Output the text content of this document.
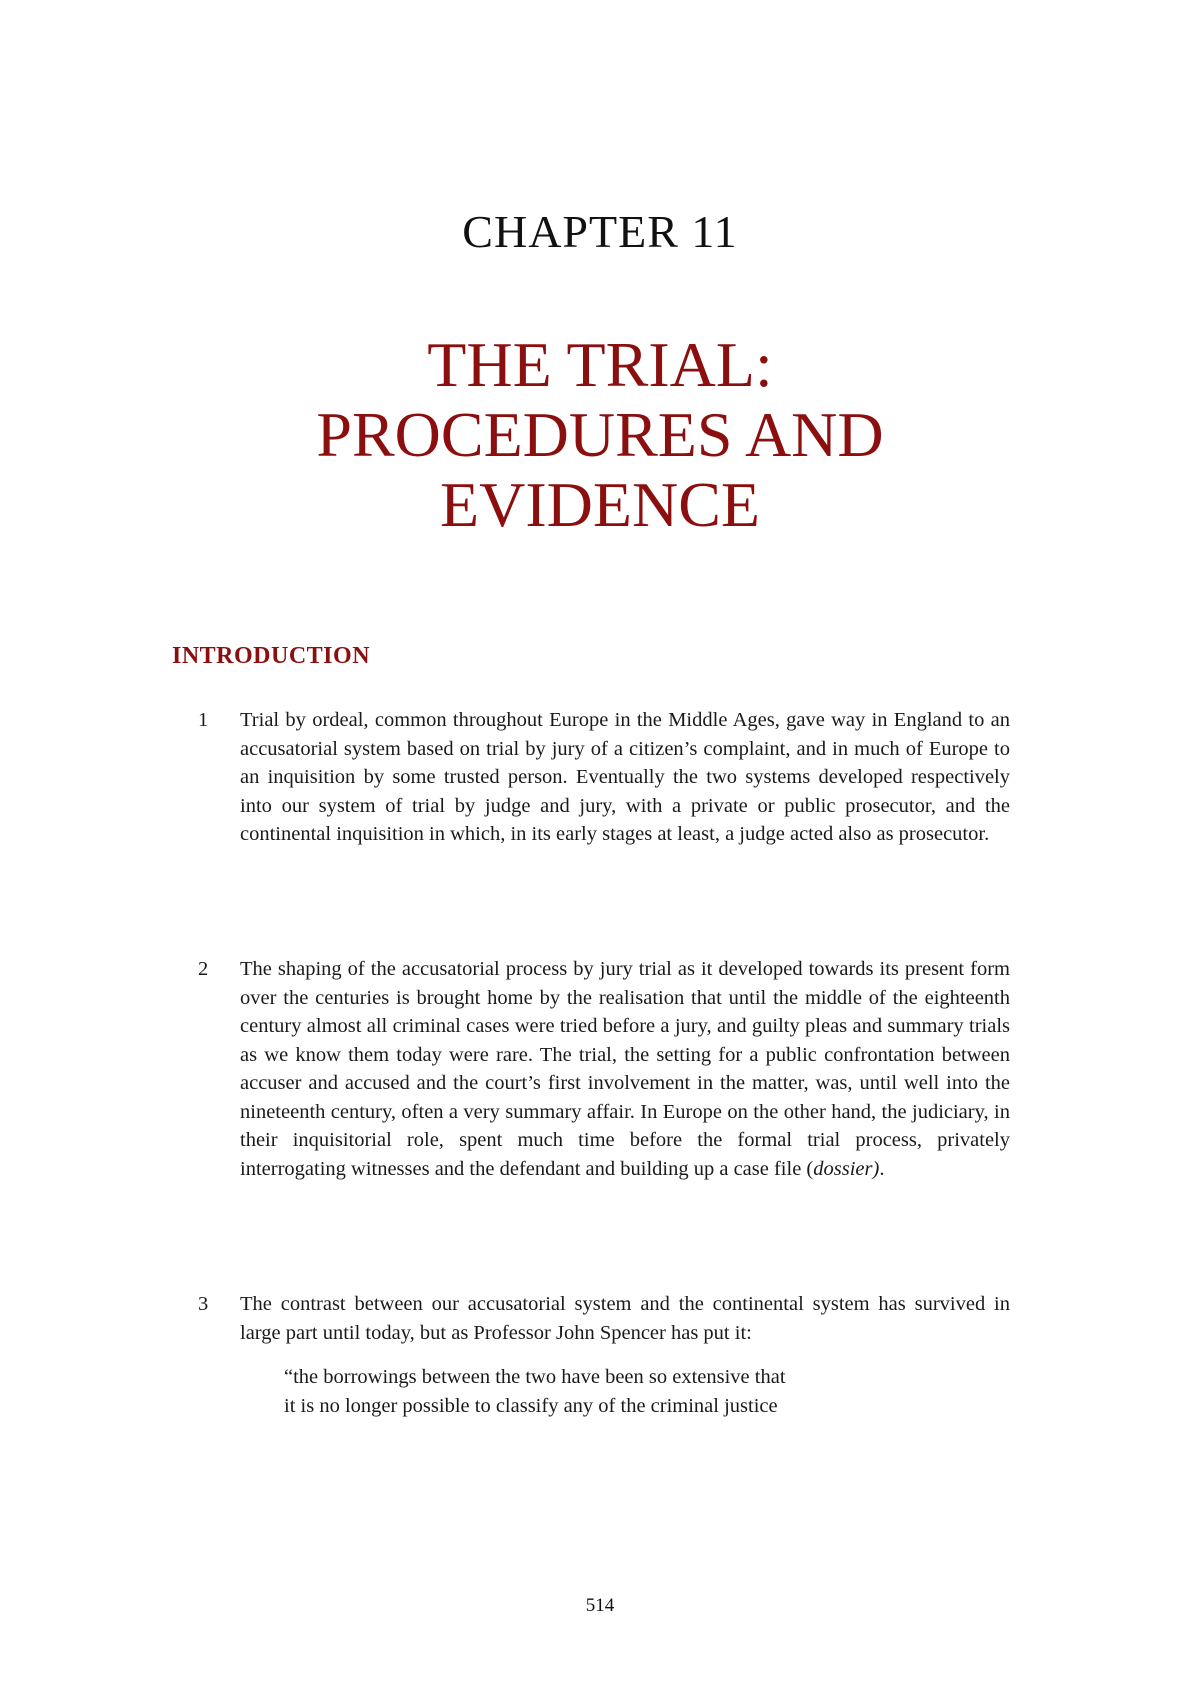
CHAPTER 11
THE TRIAL:
PROCEDURES AND
EVIDENCE
INTRODUCTION
1 Trial by ordeal, common throughout Europe in the Middle Ages, gave way in England to an accusatorial system based on trial by jury of a citizen’s complaint, and in much of Europe to an inquisition by some trusted person. Eventually the two systems developed respectively into our system of trial by judge and jury, with a private or public prosecutor, and the continental inquisition in which, in its early stages at least, a judge acted also as prosecutor.
2 The shaping of the accusatorial process by jury trial as it developed towards its present form over the centuries is brought home by the realisation that until the middle of the eighteenth century almost all criminal cases were tried before a jury, and guilty pleas and summary trials as we know them today were rare. The trial, the setting for a public confrontation between accuser and accused and the court’s first involvement in the matter, was, until well into the nineteenth century, often a very summary affair. In Europe on the other hand, the judiciary, in their inquisitorial role, spent much time before the formal trial process, privately interrogating witnesses and the defendant and building up a case file (dossier).
3 The contrast between our accusatorial system and the continental system has survived in large part until today, but as Professor John Spencer has put it:
“the borrowings between the two have been so extensive that
it is no longer possible to classify any of the criminal justice
514
